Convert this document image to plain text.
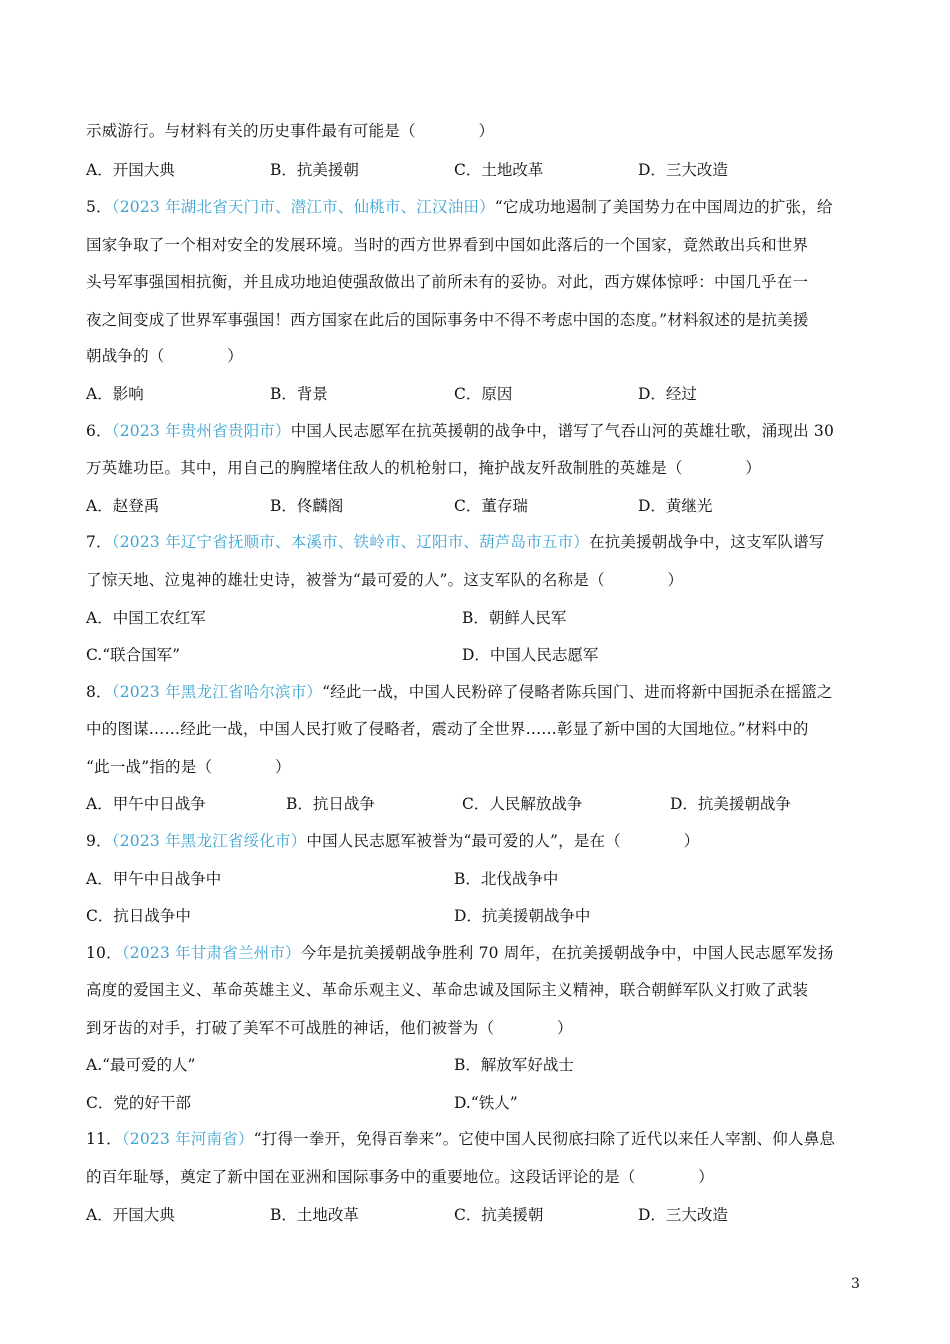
示威游行。与材料有关的历史事件最有可能是（　　　　）
A．开国大典	B．抗美援朝	C．土地改革	D．三大改造
5．（2023 年湖北省天门市、潜江市、仙桃市、江汉油田）“它成功地遏制了美国势力在中国周边的扩张，给
国家争取了一个相对安全的发展环境。当时的西方世界看到中国如此落后的一个国家，竟然敢出兵和世界
头号军事强国相抗衡，并且成功地迫使强敌做出了前所未有的妥协。对此，西方媒体惊呼：中国几乎在一
夜之间变成了世界军事强国！西方国家在此后的国际事务中不得不考虑中国的态度。”材料叙述的是抗美援
朝战争的（　　　　）
A．影响	B．背景	C．原因	D．经过
6．（2023 年贵州省贵阳市）中国人民志愿军在抗英援朝的战争中，谱写了气吞山河的英雄壮歌，涌现出 30
万英雄功臣。其中，用自己的胸膛堵住敌人的机枪射口，掩护战友歼敌制胜的英雄是（　　　　）
A．赵登禹	B．佟麟阁	C．董存瑞	D．黄继光
7．（2023 年辽宁省抚顺市、本溪市、铁岭市、辽阳市、葫芦岛市五市）在抗美援朝战争中，这支军队谱写
了惊天地、泣鬼神的雄壮史诗，被誉为“最可爱的人”。这支军队的名称是（　　　　）
A．中国工农红军	B．朝鲜人民军
C.“联合国军”	D．中国人民志愿军
8．（2023 年黑龙江省哈尔滨市）“经此一战，中国人民粉碎了侵略者陈兵国门、进而将新中国扼杀在摇篮之
中的图谋……经此一战，中国人民打败了侵略者，震动了全世界……彰显了新中国的大国地位。”材料中的
“此一战”指的是（　　　　）
A．甲午中日战争	B．抗日战争	C．人民解放战争	D．抗美援朝战争
9．（2023 年黑龙江省绥化市）中国人民志愿军被誉为“最可爱的人”，是在（　　　　）
A．甲午中日战争中	B．北伐战争中
C．抗日战争中	D．抗美援朝战争中
10．（2023 年甘肃省兰州市）今年是抗美援朝战争胜利 70 周年，在抗美援朝战争中，中国人民志愿军发扬
高度的爱国主义、革命英雄主义、革命乐观主义、革命忠诚及国际主义精神，联合朝鲜军队义打败了武装
到牙齿的对手，打破了美军不可战胜的神话，他们被誉为（　　　　）
A.“最可爱的人”	B．解放军好战士
C．党的好干部	D.“铁人”
11．（2023 年河南省）“打得一拳开，免得百拳来”。它使中国人民彻底扫除了近代以来任人宰割、仰人鼻息
的百年耻辱，奠定了新中国在亚洲和国际事务中的重要地位。这段话评论的是（　　　　）
A．开国大典	B．土地改革	C．抗美援朝	D．三大改造
3
